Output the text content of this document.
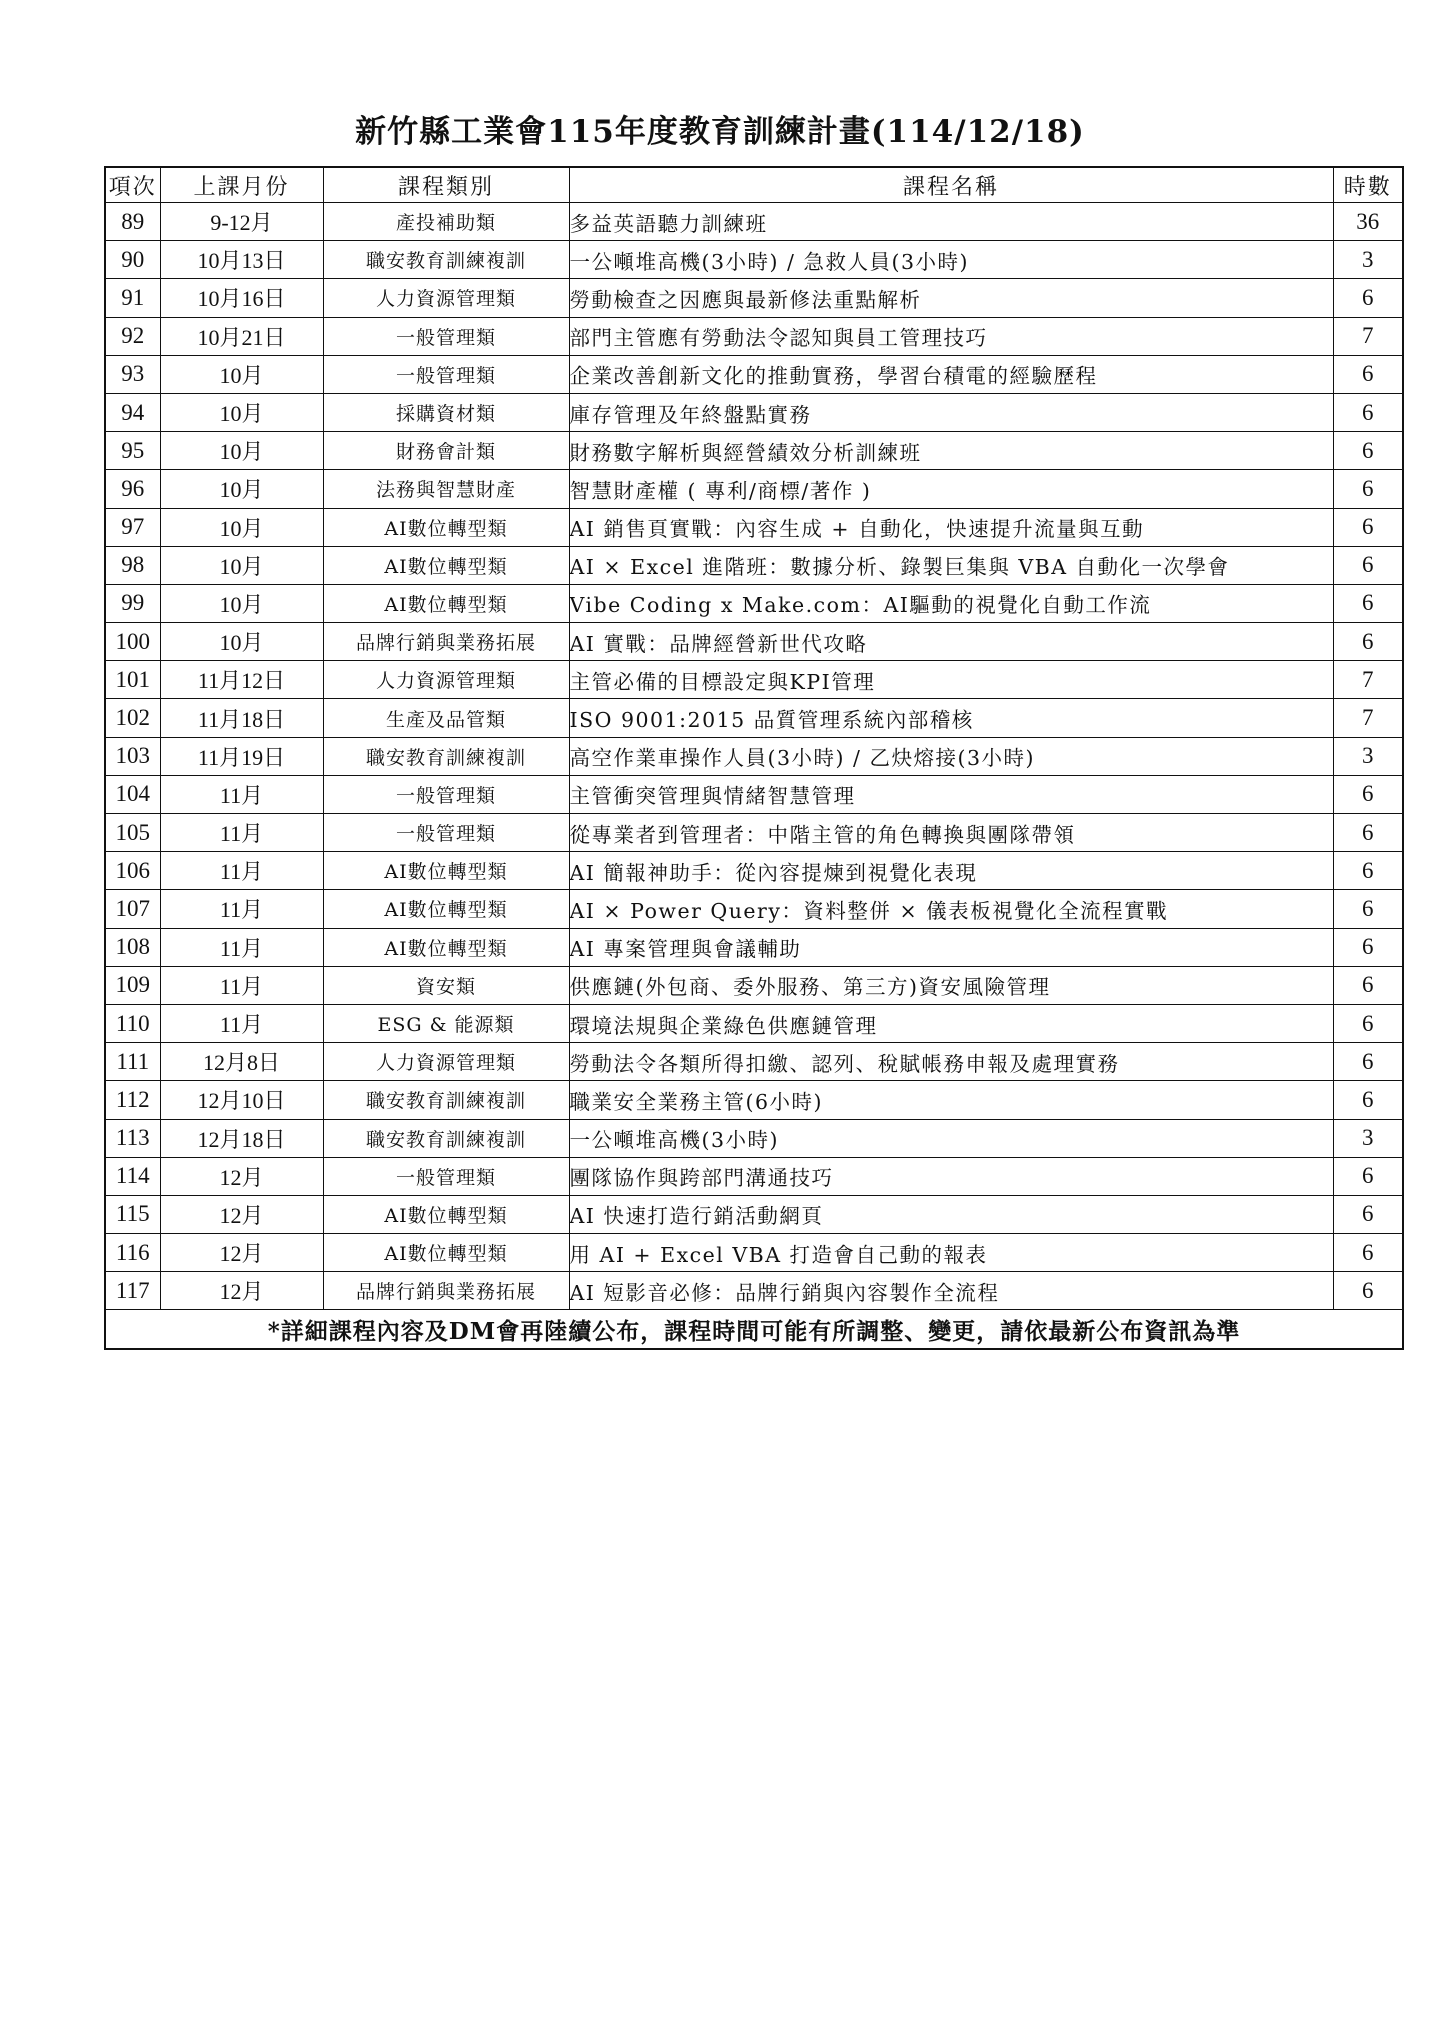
新竹縣工業會115年度教育訓練計畫(114/12/18)
項次	上課月份	課程類別	課程名稱	時數
89	9-12月	產投補助類	多益英語聽力訓練班	36
90	10月13日	職安教育訓練複訓	一公噸堆高機(3小時) / 急救人員(3小時)	3
91	10月16日	人力資源管理類	勞動檢查之因應與最新修法重點解析	6
92	10月21日	一般管理類	部門主管應有勞動法令認知與員工管理技巧	7
93	10月	一般管理類	企業改善創新文化的推動實務，學習台積電的經驗歷程	6
94	10月	採購資材類	庫存管理及年終盤點實務	6
95	10月	財務會計類	財務數字解析與經營績效分析訓練班	6
96	10月	法務與智慧財產	智慧財產權 ( 專利/商標/著作 )	6
97	10月	AI數位轉型類	AI 銷售頁實戰：內容生成 + 自動化，快速提升流量與互動	6
98	10月	AI數位轉型類	AI × Excel 進階班：數據分析、錄製巨集與 VBA 自動化一次學會	6
99	10月	AI數位轉型類	Vibe Coding x Make.com：AI驅動的視覺化自動工作流	6
100	10月	品牌行銷與業務拓展	AI 實戰：品牌經營新世代攻略	6
101	11月12日	人力資源管理類	主管必備的目標設定與KPI管理	7
102	11月18日	生產及品管類	ISO 9001:2015 品質管理系統內部稽核	7
103	11月19日	職安教育訓練複訓	高空作業車操作人員(3小時) / 乙炔熔接(3小時)	3
104	11月	一般管理類	主管衝突管理與情緒智慧管理	6
105	11月	一般管理類	從專業者到管理者：中階主管的角色轉換與團隊帶領	6
106	11月	AI數位轉型類	AI 簡報神助手：從內容提煉到視覺化表現	6
107	11月	AI數位轉型類	AI × Power Query：資料整併 × 儀表板視覺化全流程實戰	6
108	11月	AI數位轉型類	AI 專案管理與會議輔助	6
109	11月	資安類	供應鏈(外包商、委外服務、第三方)資安風險管理	6
110	11月	ESG & 能源類	環境法規與企業綠色供應鏈管理	6
111	12月8日	人力資源管理類	勞動法令各類所得扣繳、認列、稅賦帳務申報及處理實務	6
112	12月10日	職安教育訓練複訓	職業安全業務主管(6小時)	6
113	12月18日	職安教育訓練複訓	一公噸堆高機(3小時)	3
114	12月	一般管理類	團隊協作與跨部門溝通技巧	6
115	12月	AI數位轉型類	AI 快速打造行銷活動網頁	6
116	12月	AI數位轉型類	用 AI + Excel VBA 打造會自己動的報表	6
117	12月	品牌行銷與業務拓展	AI 短影音必修：品牌行銷與內容製作全流程	6
*詳細課程內容及DM會再陸續公布，課程時間可能有所調整、變更，請依最新公布資訊為準				
